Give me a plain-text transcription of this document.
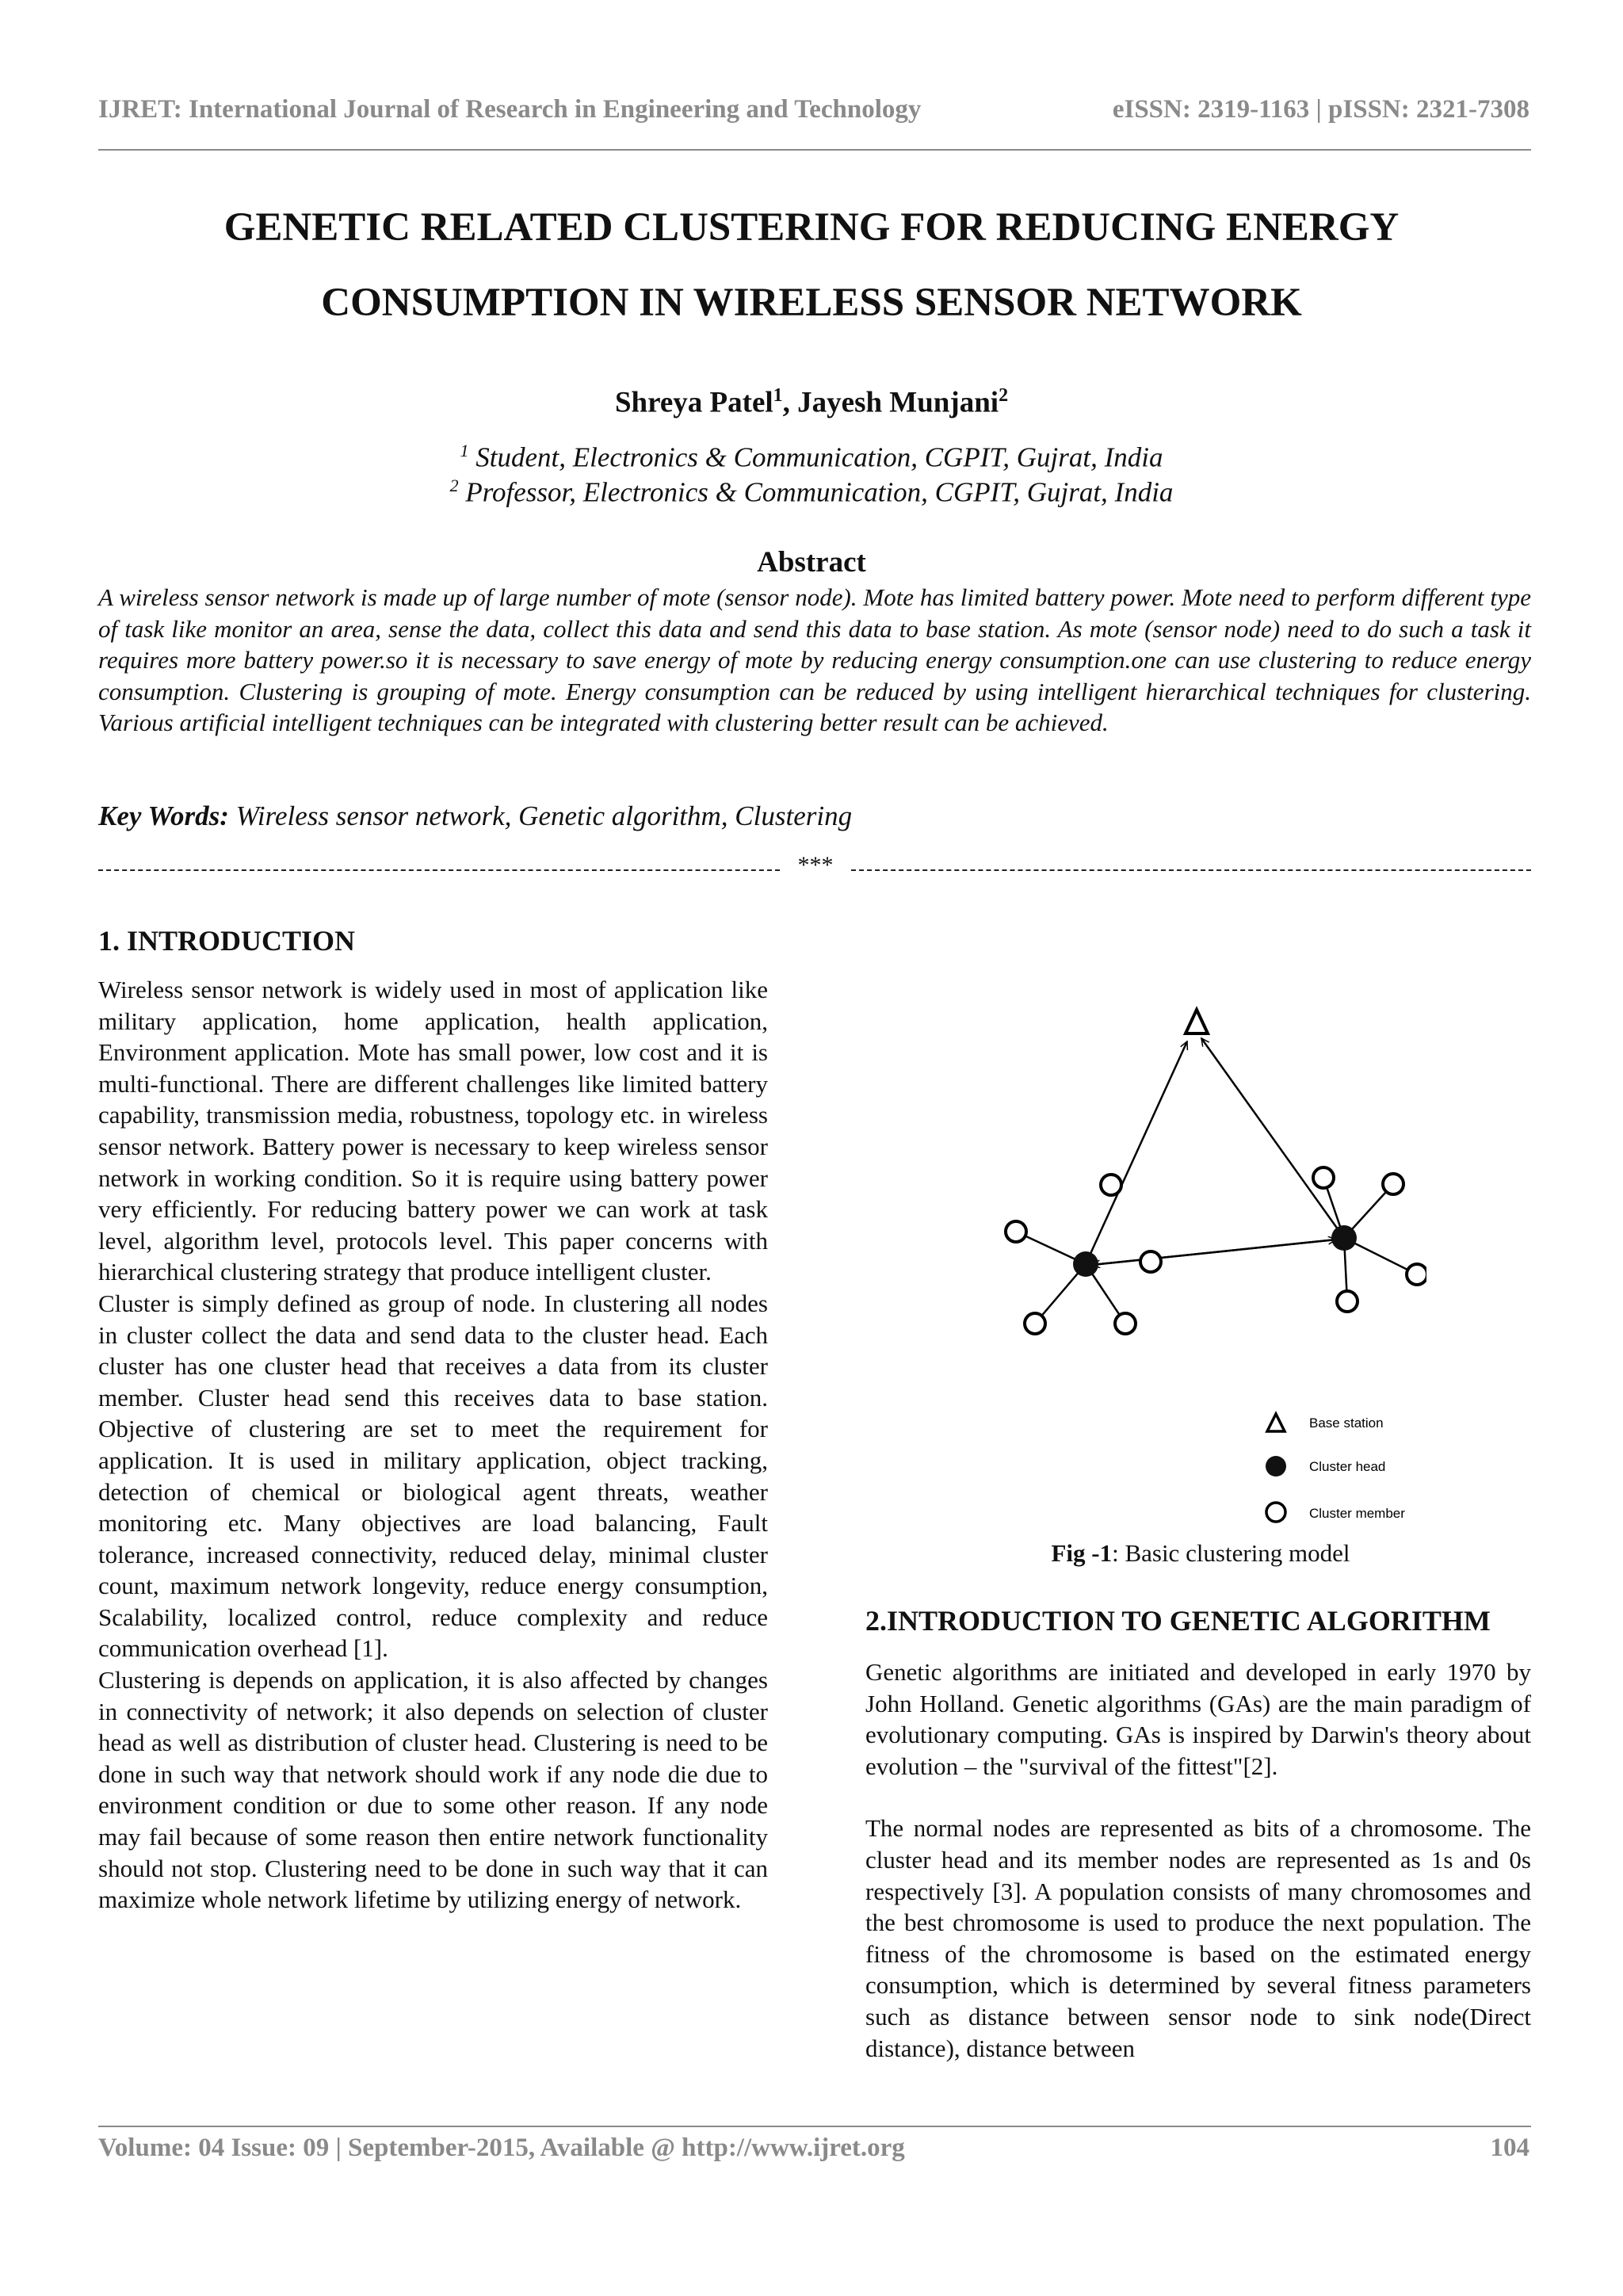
IJRET: International Journal of Research in Engineering and Technology	eISSN: 2319-1163 | pISSN: 2321-7308
GENETIC RELATED CLUSTERING FOR REDUCING ENERGY
CONSUMPTION IN WIRELESS SENSOR NETWORK
Shreya Patel$^1$, Jayesh Munjani$^2$
$^1$ Student, Electronics & Communication, CGPIT, Gujrat, India
$^2$ Professor, Electronics & Communication, CGPIT, Gujrat, India
Abstract

A wireless sensor network is made up of large number of mote (sensor node). Mote has limited battery power. Mote need to perform different type of task like monitor an area, sense the data, collect this data and send this data to base station. As mote (sensor node) need to do such a task it requires more battery power.so it is necessary to save energy of mote by reducing energy consumption.one can use clustering to reduce energy consumption. Clustering is grouping of mote. Energy consumption can be reduced by using intelligent hierarchical techniques for clustering. Various artificial intelligent techniques can be integrated with clustering better result can be achieved.

Key Words: Wireless sensor network, Genetic algorithm, Clustering
***
1. INTRODUCTION

Wireless sensor network is widely used in most of application like military application, home application, health application, Environment application. Mote has small power, low cost and it is multi-functional. There are different challenges like limited battery capability, transmission media, robustness, topology etc. in wireless sensor network. Battery power is necessary to keep wireless sensor network in working condition. So it is require using battery power very efficiently. For reducing battery power we can work at task level, algorithm level, protocols level. This paper concerns with hierarchical clustering strategy that produce intelligent cluster.

Cluster is simply defined as group of node. In clustering all nodes in cluster collect the data and send data to the cluster head. Each cluster has one cluster head that receives a data from its cluster member. Cluster head send this receives data to base station. Objective of clustering are set to meet the requirement for application. It is used in military application, object tracking, detection of chemical or biological agent threats, weather monitoring etc. Many objectives are load balancing, Fault tolerance, increased connectivity, reduced delay, minimal cluster count, maximum network longevity, reduce energy consumption, Scalability, localized control, reduce complexity and reduce communication overhead [1].

Clustering is depends on application, it is also affected by changes in connectivity of network; it also depends on selection of cluster head as well as distribution of cluster head. Clustering is need to be done in such way that network should work if any node die due to environment condition or due to some other reason. If any node may fail because of some reason then entire network functionality should not stop. Clustering need to be done in such way that it can maximize whole network lifetime by utilizing energy of network.

Base station
Cluster head
Cluster member
Fig -1: Basic clustering model
2.INTRODUCTION TO GENETIC ALGORITHM

Genetic algorithms are initiated and developed in early 1970 by John Holland. Genetic algorithms (GAs) are the main paradigm of evolutionary computing. GAs is inspired by Darwin's theory about evolution – the "survival of the fittest"[2].

The normal nodes are represented as bits of a chromosome. The cluster head and its member nodes are represented as 1s and 0s respectively [3]. A population consists of many chromosomes and the best chromosome is used to produce the next population. The fitness of the chromosome is based on the estimated energy consumption, which is determined by several fitness parameters such as distance between sensor node to sink node(Direct distance), distance between

Volume: 04 Issue: 09 | September-2015, Available @ http://www.ijret.org	104
